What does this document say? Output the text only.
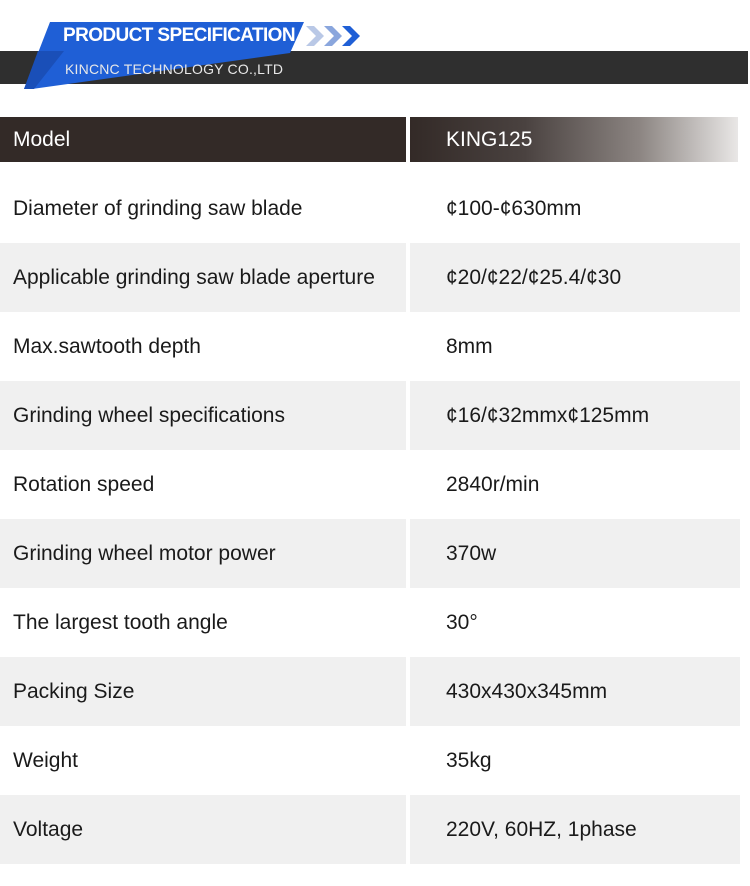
PRODUCT SPECIFICATION
KINCNC TECHNOLOGY CO.,LTD
Model	KING125
Diameter of grinding saw blade	¢100-¢630mm
Applicable grinding saw blade aperture	¢20/¢22/¢25.4/¢30
Max.sawtooth depth	8mm
Grinding wheel specifications	¢16/¢32mmx¢125mm
Rotation speed	2840r/min
Grinding wheel motor power	370w
The largest tooth angle	30°
Packing Size	430x430x345mm
Weight	35kg
Voltage	220V, 60HZ, 1phase
